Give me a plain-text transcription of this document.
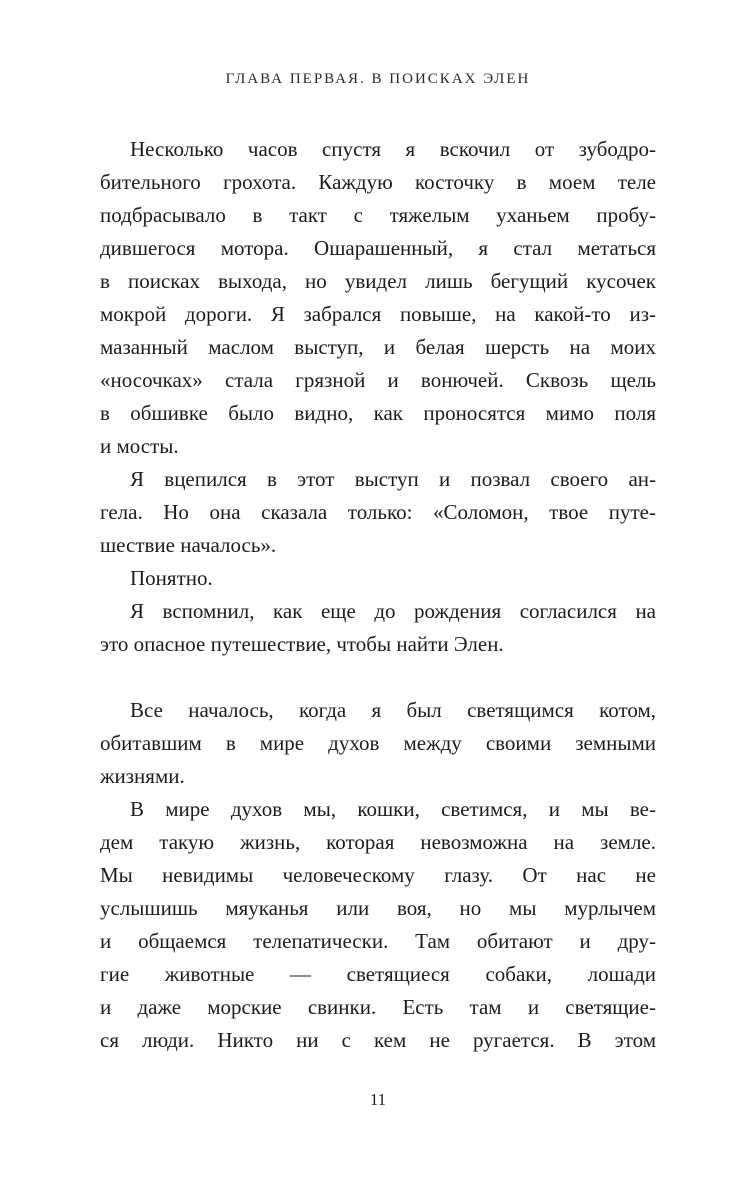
ГЛАВА ПЕРВАЯ. В ПОИСКАХ ЭЛЕН
Несколько часов спустя я вскочил от зубодро-
бительного грохота. Каждую косточку в моем теле
подбрасывало в такт с тяжелым уханьем пробу-
дившегося мотора. Ошарашенный, я стал метаться
в поисках выхода, но увидел лишь бегущий кусочек
мокрой дороги. Я забрался повыше, на какой-то из-
мазанный маслом выступ, и белая шерсть на моих
«носочках» стала грязной и вонючей. Сквозь щель
в обшивке было видно, как проносятся мимо поля
и мосты.
Я вцепился в этот выступ и позвал своего ан-
гела. Но она сказала только: «Соломон, твое путе-
шествие началось».
Понятно.
Я вспомнил, как еще до рождения согласился на
это опасное путешествие, чтобы найти Элен.
Все началось, когда я был светящимся котом,
обитавшим в мире духов между своими земными
жизнями.
В мире духов мы, кошки, светимся, и мы ве-
дем такую жизнь, которая невозможна на земле.
Мы невидимы человеческому глазу. От нас не
услышишь мяуканья или воя, но мы мурлычем
и общаемся телепатически. Там обитают и дру-
гие животные — светящиеся собаки, лошади
и даже морские свинки. Есть там и светящие-
ся люди. Никто ни с кем не ругается. В этом
11
